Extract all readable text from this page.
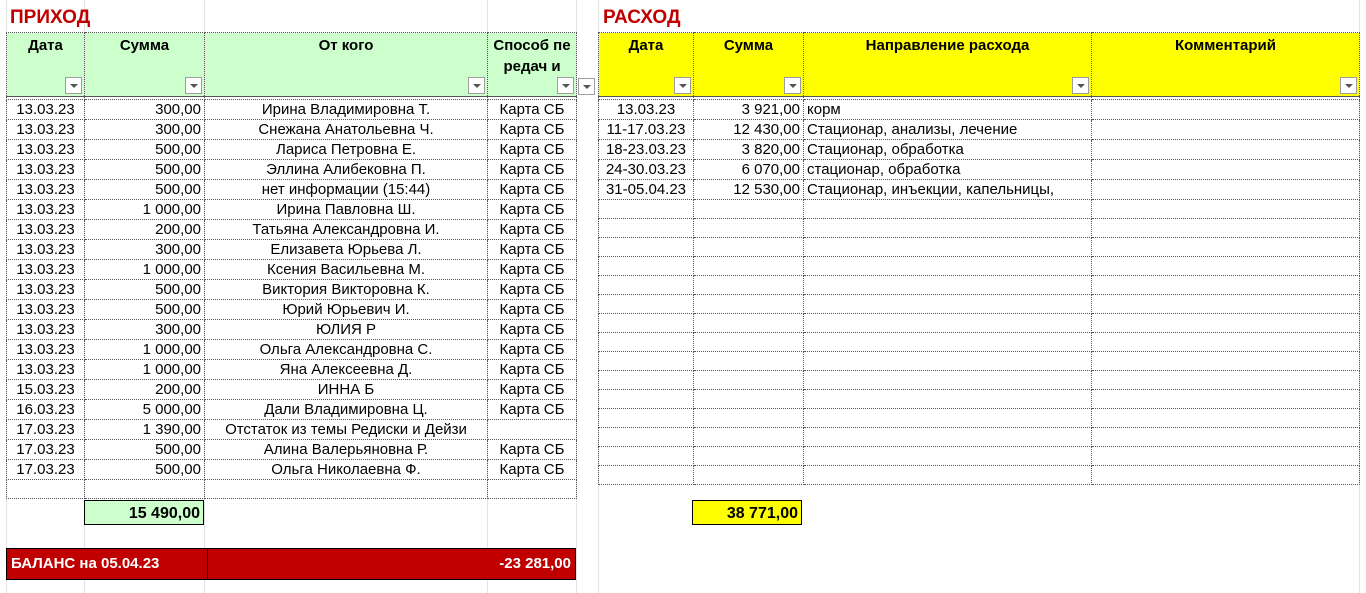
ПРИХОД	РАСХОД
Дата	Сумма	От кого	Способ передач и

13.03.23	300,00	Ирина Владимировна Т.	Карта СБ
13.03.23	300,00	Снежана Анатольевна Ч.	Карта СБ
13.03.23	500,00	Лариса Петровна Е.	Карта СБ
13.03.23	500,00	Эллина Алибековна П.	Карта СБ
13.03.23	500,00	нет информации (15:44)	Карта СБ
13.03.23	1 000,00	Ирина Павловна Ш.	Карта СБ
13.03.23	200,00	Татьяна Александровна И.	Карта СБ
13.03.23	300,00	Елизавета Юрьева Л.	Карта СБ
13.03.23	1 000,00	Ксения Васильевна М.	Карта СБ
13.03.23	500,00	Виктория Викторовна К.	Карта СБ
13.03.23	500,00	Юрий Юрьевич И.	Карта СБ
13.03.23	300,00	ЮЛИЯ Р	Карта СБ
13.03.23	1 000,00	Ольга Александровна С.	Карта СБ
13.03.23	1 000,00	Яна Алексеевна Д.	Карта СБ
15.03.23	200,00	ИННА Б	Карта СБ
16.03.23	5 000,00	Дали Владимировна Ц.	Карта СБ
17.03.23	1 390,00	Отстаток из темы Редиски и Дейзи	
17.03.23	500,00	Алина Валерьяновна Р.	Карта СБ
17.03.23	500,00	Ольга Николаевна Ф.	Карта СБ

Дата	Сумма	Направление расхода	Комментарий

13.03.23	3 921,00	корм	
11-17.03.23	12 430,00	Стационар, анализы, лечение	
18-23.03.23	3 820,00	Стационар, обработка	
24-30.03.23	6 070,00	стационар, обработка	
31-05.04.23	12 530,00	Стационар, инъекции, капельницы,	

15 490,00	38 771,00
БАЛАНС на 05.04.23	-23 281,00
